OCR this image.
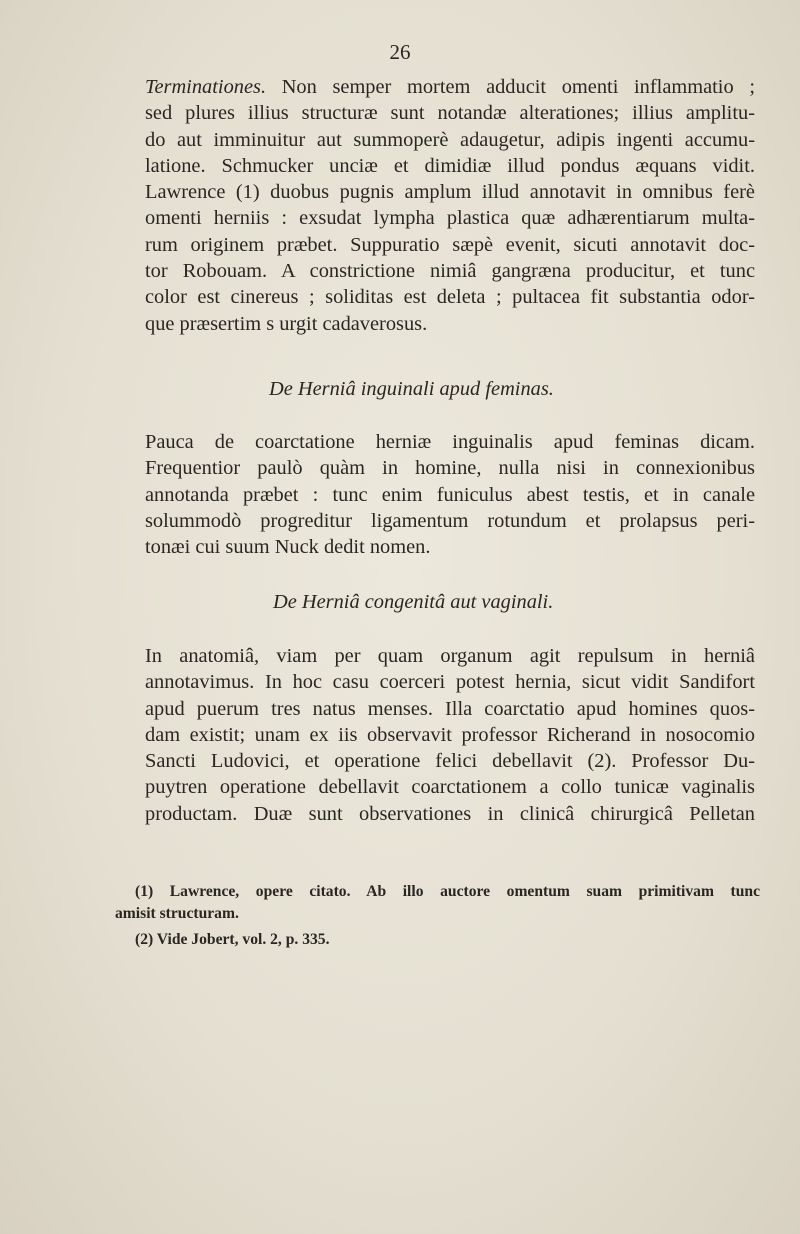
26
Terminationes. Non semper mortem adducit omenti inflammatio ;
sed plures illius structuræ sunt notandæ alterationes; illius amplitu-
do aut imminuitur aut summoperè adaugetur, adipis ingenti accumu-
latione. Schmucker unciæ et dimidiæ illud pondus æquans vidit.
Lawrence (1) duobus pugnis amplum illud annotavit in omnibus ferè
omenti herniis : exsudat lympha plastica quæ adhærentiarum multa-
rum originem præbet. Suppuratio sæpè evenit, sicuti annotavit doc-
tor Robouam. A constrictione nimiâ gangræna producitur, et tunc
color est cinereus ; soliditas est deleta ; pultacea fit substantia odor-
que præsertim s urgit cadaverosus.
De Herniâ inguinali apud feminas.
Pauca de coarctatione herniæ inguinalis apud feminas dicam.
Frequentior paulò quàm in homine, nulla nisi in connexionibus
annotanda præbet : tunc enim funiculus abest testis, et in canale
solummodò progreditur ligamentum rotundum et prolapsus peri-
tonæi cui suum Nuck dedit nomen.
De Herniâ congenitâ aut vaginali.
In anatomiâ, viam per quam organum agit repulsum in herniâ
annotavimus. In hoc casu coerceri potest hernia, sicut vidit Sandifort
apud puerum tres natus menses. Illa coarctatio apud homines quos-
dam existit; unam ex iis observavit professor Richerand in nosocomio
Sancti Ludovici, et operatione felici debellavit (2). Professor Du-
puytren operatione debellavit coarctationem a collo tunicæ vaginalis
productam. Duæ sunt observationes in clinicâ chirurgicâ Pelletan
(1) Lawrence, opere citato. Ab illo auctore omentum suam primitivam tunc
amisit structuram.
(2) Vide Jobert, vol. 2, p. 335.
